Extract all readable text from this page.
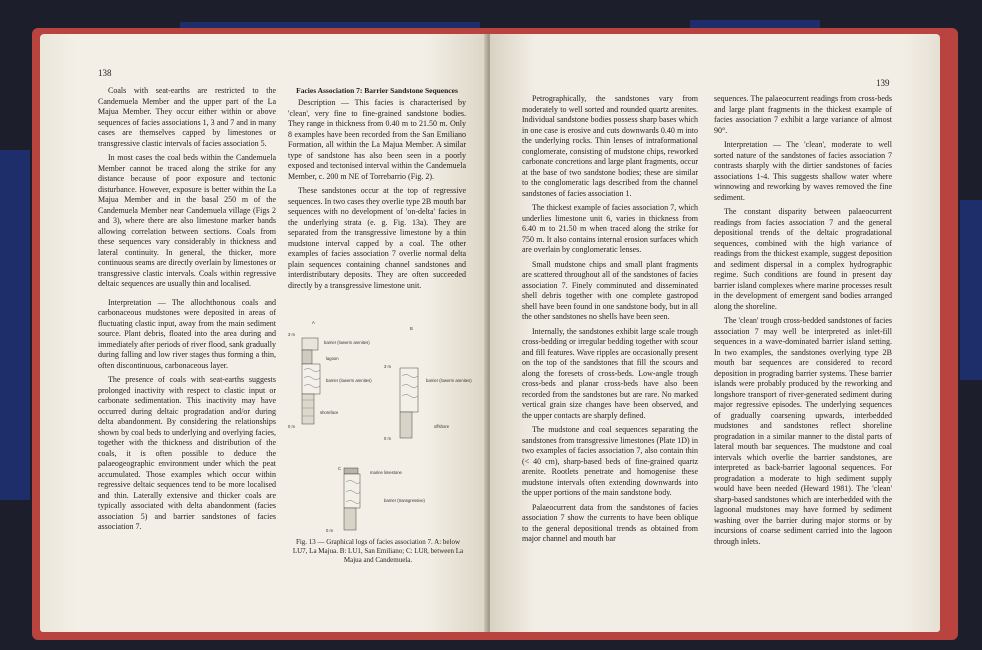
138

Coals with seat-earths are restricted to the Candemuela Member and the upper part of the La Majua Member. They occur either within or above sequences of facies associations 1, 3 and 7 and in many cases are themselves capped by limestones or transgressive clastic intervals of facies association 5.

In most cases the coal beds within the Candemuela Member cannot be traced along the strike for any distance because of poor exposure and tectonic disturbance. However, exposure is better within the La Majua Member and in the basal 250 m of the Candemuela Member near Candemuela village (Figs 2 and 3), where there are also limestone marker bands allowing correlation between sections. Coals from these sequences vary considerably in thickness and lateral continuity. In general, the thicker, more continuous seams are directly overlain by limestones or transgressive clastic intervals. Coals within regressive deltaic sequences are usually thin and localised.

Interpretation — The allochthonous coals and carbonaceous mudstones were deposited in areas of fluctuating clastic input, away from the main sediment source. Plant debris, floated into the area during and immediately after periods of river flood, sank gradually during falling and low river stages thus forming a thin, often discontinuous, carbonaceous layer.

The presence of coals with seat-earths suggests prolonged inactivity with respect to clastic input or carbonate sedimentation. This inactivity may have occurred during deltaic progradation and/or during delta abandonment. By considering the relationships shown by coal beds to underlying and overlying facies, together with the thickness and distribution of the coals, it is often possible to deduce the palaeogeographic environment under which the peat accumulated. Those examples which occur within regressive deltaic sequences tend to be more localised and thin. Laterally extensive and thicker coals are typically associated with delta abandonment (facies association 5) and barrier sandstones of facies association 7.

Facies Association 7: Barrier Sandstone Sequences

Description — This facies is characterised by 'clean', very fine to fine-grained sandstone bodies. They range in thickness from 0.40 m to 21.50 m. Only 8 examples have been recorded from the San Emiliano Formation, all within the La Majua Member. A similar type of sandstone has also been seen in a poorly exposed and tectonised interval within the Candemuela Member, c. 200 m NE of Torrebarrio (Fig. 2).

These sandstones occur at the top of regressive sequences. In two cases they overlie type 2B mouth bar sequences with no development of 'on-delta' facies in the underlying strata (e. g. Fig. 13a). They are separated from the transgressive limestone by a thin mudstone interval capped by a coal. The other examples of facies association 7 overlie normal delta plain sequences containing channel sandstones and interdistributary deposits. They are often succeeded directly by a transgressive limestone unit.

A
3 m
0 m
barrier (lowerm arenites)
lagoon
barrier (lowerm arenites)
shoreface
B
3 m
0 m
barrier (lowerm arenites)
offshore
C
0 m
marine limestone
barrier (transgressive)
Fig. 13 — Graphical logs of facies association 7. A: below LU7, La Majua. B: LU1, San Emiliano; C: LU8, between La Majua and Candemuela.
139

Petrographically, the sandstones vary from moderately to well sorted and rounded quartz arenites. Individual sandstone bodies possess sharp bases which in one case is erosive and cuts downwards 0.40 m into the underlying rocks. Thin lenses of intraformational conglomerate, consisting of mudstone chips, reworked carbonate concretions and large plant fragments, occur at the base of two sandstone bodies; these are similar to the conglomeratic lags described from the channel sandstones of facies association 1.

The thickest example of facies association 7, which underlies limestone unit 6, varies in thickness from 6.40 m to 21.50 m when traced along the strike for 750 m. It also contains internal erosion surfaces which are overlain by conglomeratic lenses.

Small mudstone chips and small plant fragments are scattered throughout all of the sandstones of facies association 7. Finely comminuted and disseminated shell debris together with one complete gastropod shell have been found in one sandstone body, but in all the other sandstones no shells have been seen.

Internally, the sandstones exhibit large scale trough cross-bedding or irregular bedding together with scour and fill features. Wave ripples are occasionally present on the top of the sandstones that fill the scours and along the foresets of cross-beds. Low-angle trough cross-beds and planar cross-beds have also been recorded from the sandstones but are rare. No marked vertical grain size changes have been observed, and the upper contacts are sharply defined.

The mudstone and coal sequences separating the sandstones from transgressive limestones (Plate 1D) in two examples of facies association 7, also contain thin (< 40 cm), sharp-based beds of fine-grained quartz arenite. Rootlets penetrate and homogenise these mudstone intervals often extending downwards into the upper portions of the main sandstone body.

Palaeocurrent data from the sandstones of facies association 7 show the currents to have been oblique to the general depositional trends as obtained from major channel and mouth bar

sequences. The palaeocurrent readings from cross-beds and large plant fragments in the thickest example of facies association 7 exhibit a large variance of almost 90°.

Interpretation — The 'clean', moderate to well sorted nature of the sandstones of facies association 7 contrasts sharply with the dirtier sandstones of facies associations 1-4. This suggests shallow water where winnowing and reworking by waves removed the fine sediment.

The constant disparity between palaeocurrent readings from facies association 7 and the general depositional trends of the deltaic progradational sequences, combined with the high variance of readings from the thickest example, suggest deposition and sediment dispersal in a complex hydrographic regime. Such conditions are found in present day barrier island complexes where marine processes result in the development of emergent sand bodies arranged along the shoreline.

The 'clean' trough cross-bedded sandstones of facies association 7 may well be interpreted as inlet-fill sequences in a wave-dominated barrier island setting. In two examples, the sandstones overlying type 2B mouth bar sequences are considered to record deposition in prograding barrier systems. These barrier islands were probably produced by the reworking and longshore transport of river-generated sediment during major regressive episodes. The underlying sequences of gradually coarsening upwards, interbedded mudstones and sandstones reflect shoreline progradation in a similar manner to the distal parts of lateral mouth bar sequences. The mudstone and coal intervals which overlie the barrier sandstones, are interpreted as back-barrier lagoonal sequences. For progradation a moderate to high sediment supply would have been needed (Heward 1981). The 'clean' sharp-based sandstones which are interbedded with the lagoonal mudstones may have formed by sediment washing over the barrier during major storms or by incursions of coarse sediment carried into the lagoon through inlets.
